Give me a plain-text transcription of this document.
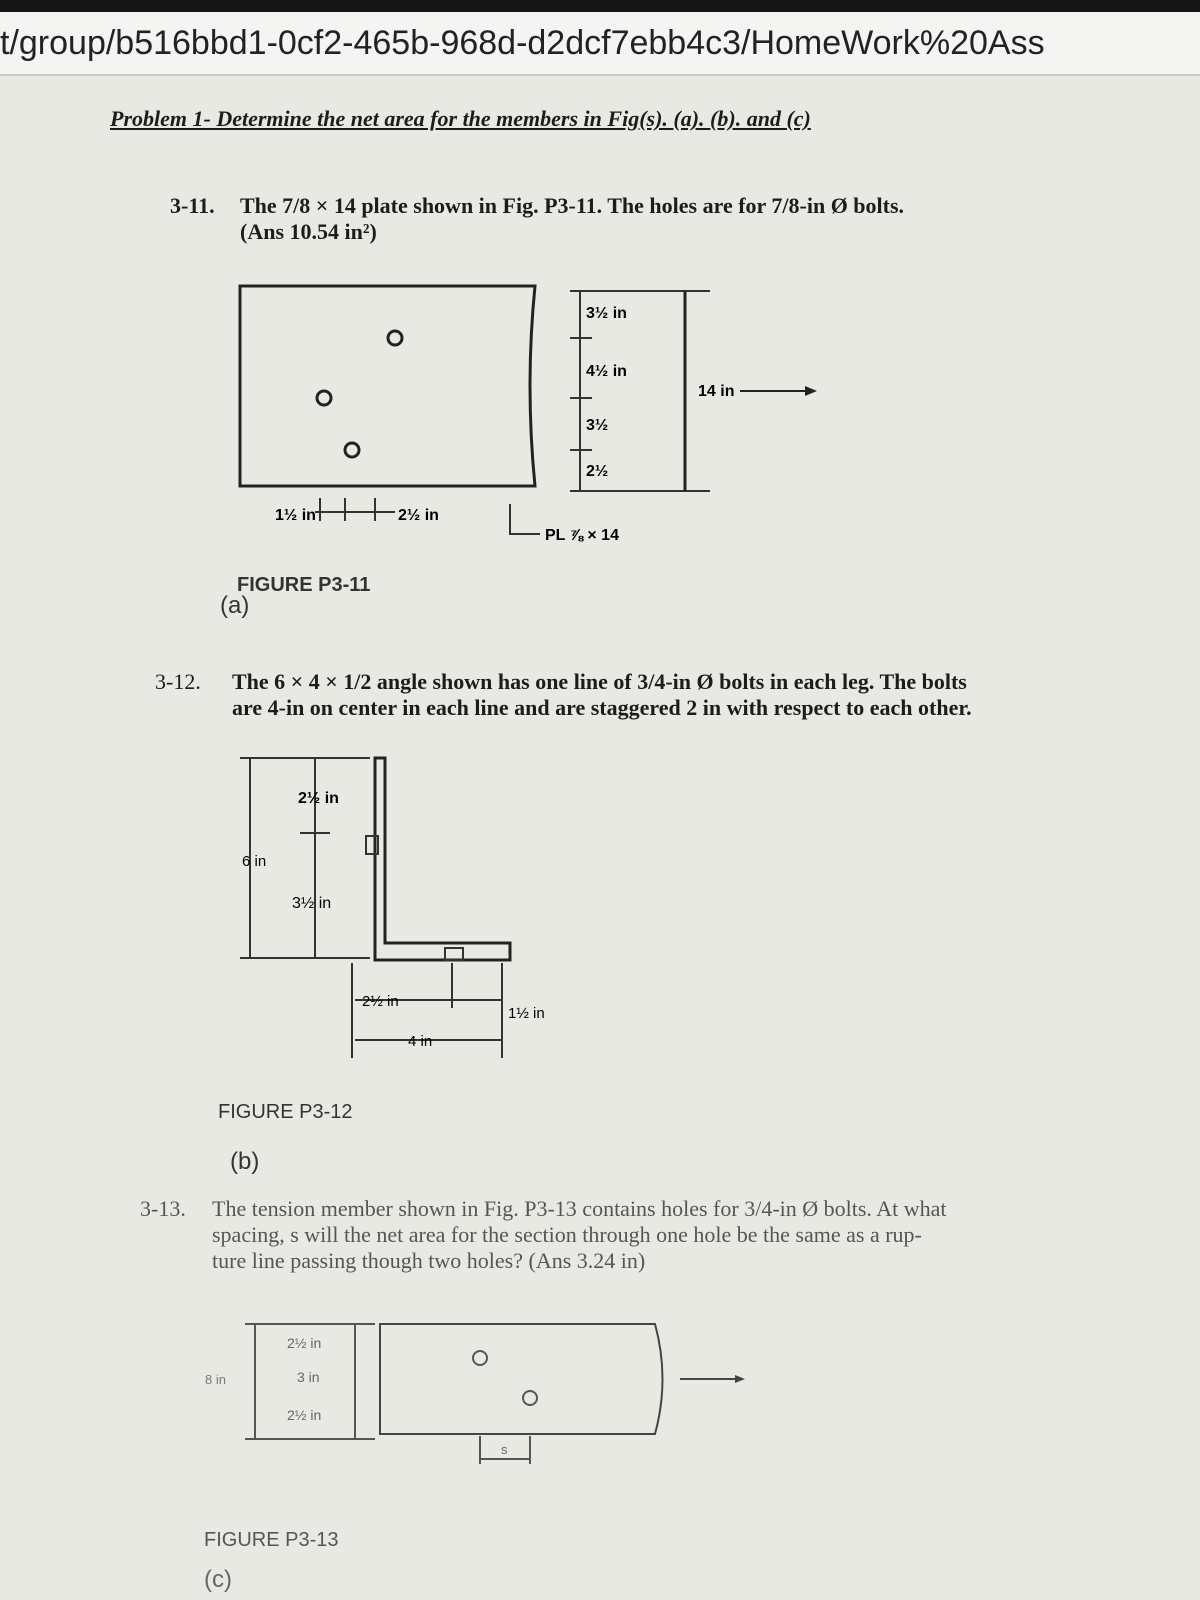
t/group/b516bbd1-0cf2-465b-968d-d2dcf7ebb4c3/HomeWork%20Ass
Problem 1- Determine the net area for the members in Fig(s). (a). (b). and (c)
3-11. The 7/8 × 14 plate shown in Fig. P3-11. The holes are for 7/8-in Ø bolts.
(Ans 10.54 in²)
3½ in
4½ in
3½
2½
14 in
1½ in	2½ in
PL ⅞ × 14
FIGURE P3-11
(a)
3-12. The 6 × 4 × 1/2 angle shown has one line of 3/4-in Ø bolts in each leg. The bolts
are 4-in on center in each line and are staggered 2 in with respect to each other.
2½ in
6 in
3½ in
2½ in
1½ in
4 in
FIGURE P3-12
(b)
3-13. The tension member shown in Fig. P3-13 contains holes for 3/4-in Ø bolts. At what
spacing, s will the net area for the section through one hole be the same as a rup-
ture line passing though two holes? (Ans 3.24 in)
2½ in
3 in
2½ in
8 in
s
FIGURE P3-13
(c)
